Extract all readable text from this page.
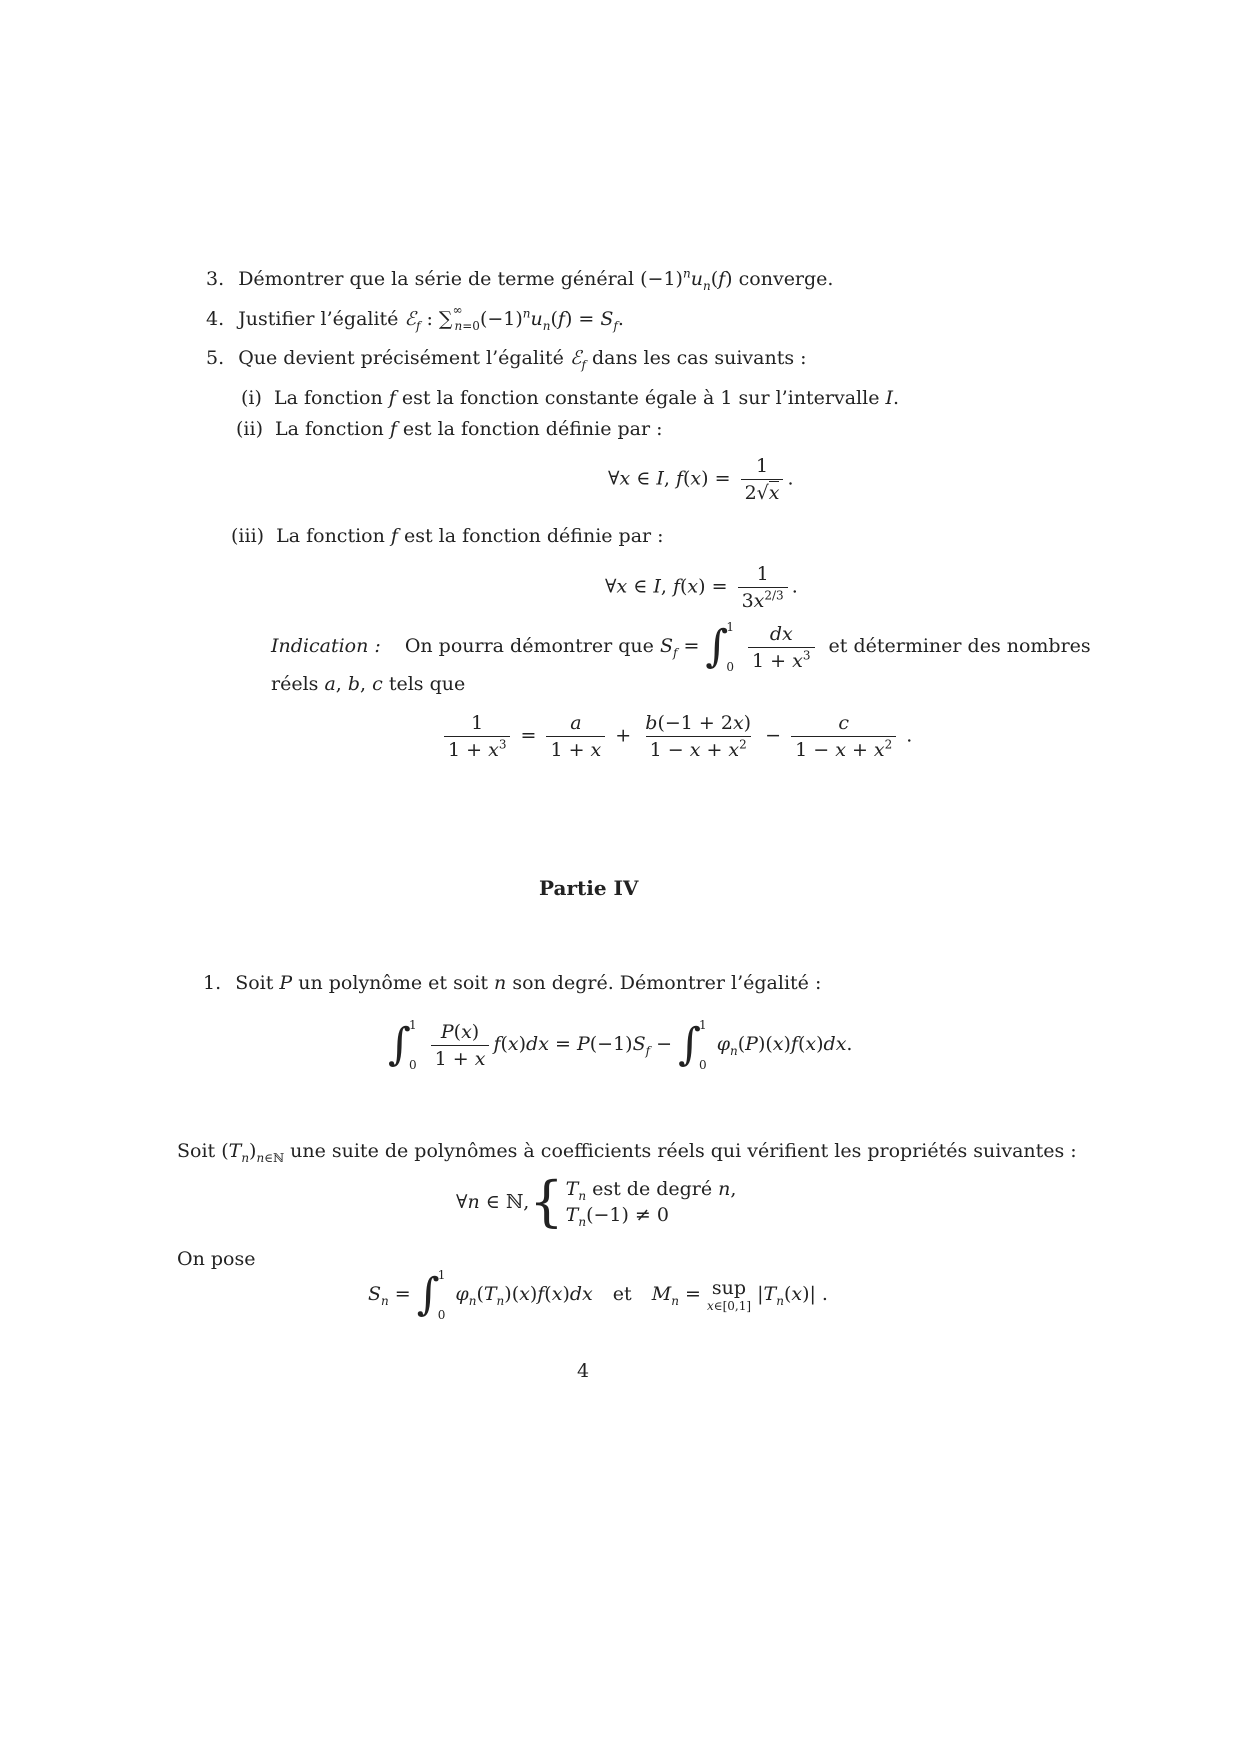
3. Démontrer que la série de terme général $(-1)^nu_n(f)$ converge.
4. Justifier l’égalité ℰ$_f$ : $\sum^\infty_{n=0}(-1)^nu_n(f) = S_f$.
5. Que devient précisément l’égalité ℰ$_f$ dans les cas suivants :
(i) La fonction f est la fonction constante égale à 1 sur l’intervalle I.
(ii) La fonction f est la fonction définie par :
∀x ∈ I, $f(x) = \frac{1}{2√x}$ .
(iii) La fonction f est la fonction définie par :
∀x ∈ I, $f(x) = \frac{1}{3x^{2/3}}$ .
Indication : On pourra démontrer que $S_f$ = ∫
1
0
$\frac{dx}{1 + x^3}$ et déterminer des nombres
réels a, b, c tels que
$\frac{1}{1 + x^3} = \frac{a}{1 + x} + \frac{b(-1 + 2x)}{1 - x + x^2} - \frac{c}{1 - x + x^2}$ .
Partie IV
1. Soit P un polynôme et soit n son degré. Démontrer l’égalité :
∫
1
0
$\frac{P(x)}{1 + x} f(x)dx = P(-1)S_f$ − ∫
1
0
$\varphi_n(P)(x)f(x)dx$.
Soit $(T_n)_{n\in ℕ}$ une suite de polynômes à coefficients réels qui vérifient les propriétés suivantes :
∀n ∈ ℕ, { $T_n$ est de degré n,
$T_n(-1) \ne 0$
On pose
$S_n$ = ∫
1
0
$\varphi_n(T_n)(x)f(x)dx$ et $M_n$ = sup
x∈[0,1]
$|T_n(x)|$ .
4
